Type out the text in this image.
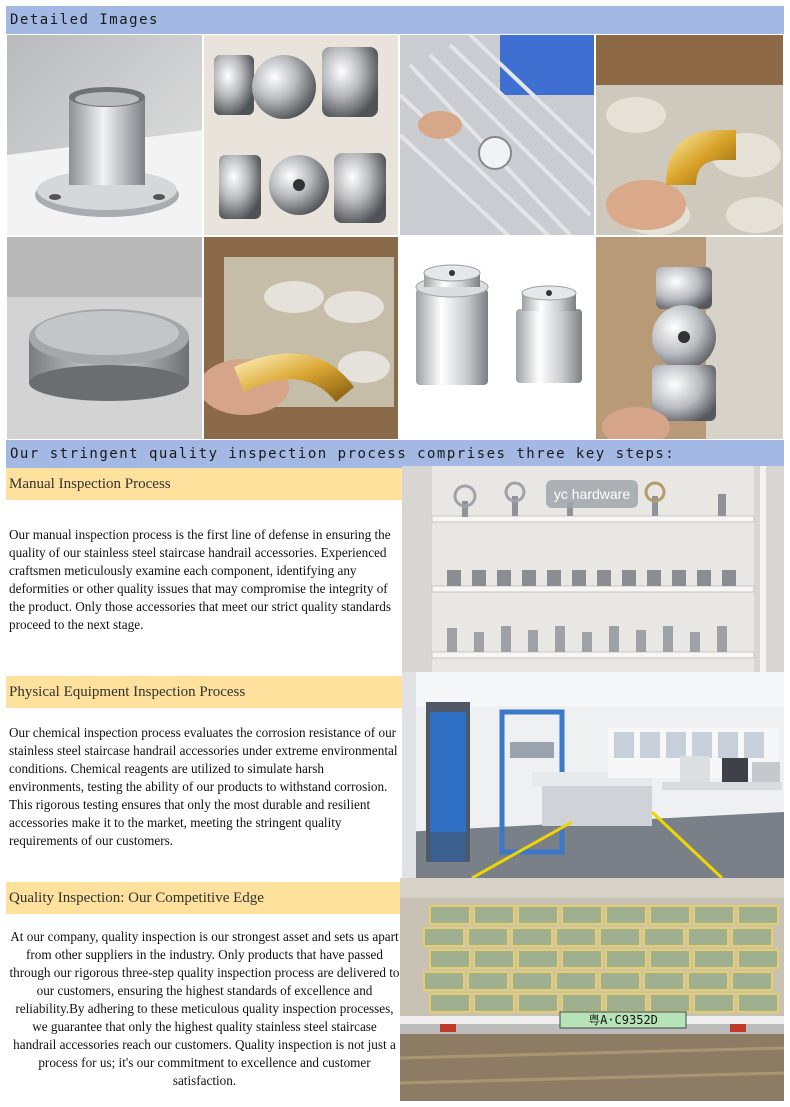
Detailed Images
Our stringent quality inspection process comprises three key steps:
Manual Inspection Process
Our manual inspection process is the first line of defense in ensuring the quality of our stainless steel staircase handrail accessories. Experienced craftsmen meticulously examine each component, identifying any deformities or other quality issues that may compromise the integrity of the product. Only those accessories that meet our strict quality standards proceed to the next stage.
yc hardware
Physical Equipment Inspection Process
Our chemical inspection process evaluates the corrosion resistance of our stainless steel staircase handrail accessories under extreme environmental conditions. Chemical reagents are utilized to simulate harsh environments, testing the ability of our products to withstand corrosion. This rigorous testing ensures that only the most durable and resilient accessories make it to the market, meeting the stringent quality requirements of our customers.
Quality Inspection: Our Competitive Edge
At our company, quality inspection is our strongest asset and sets us apart from other suppliers in the industry. Only products that have passed through our rigorous three-step quality inspection process are delivered to our customers, ensuring the highest standards of excellence and reliability.By adhering to these meticulous quality inspection processes, we guarantee that only the highest quality stainless steel staircase handrail accessories reach our customers. Quality inspection is not just a process for us; it's our commitment to excellence and customer satisfaction.
粤A·C9352D
